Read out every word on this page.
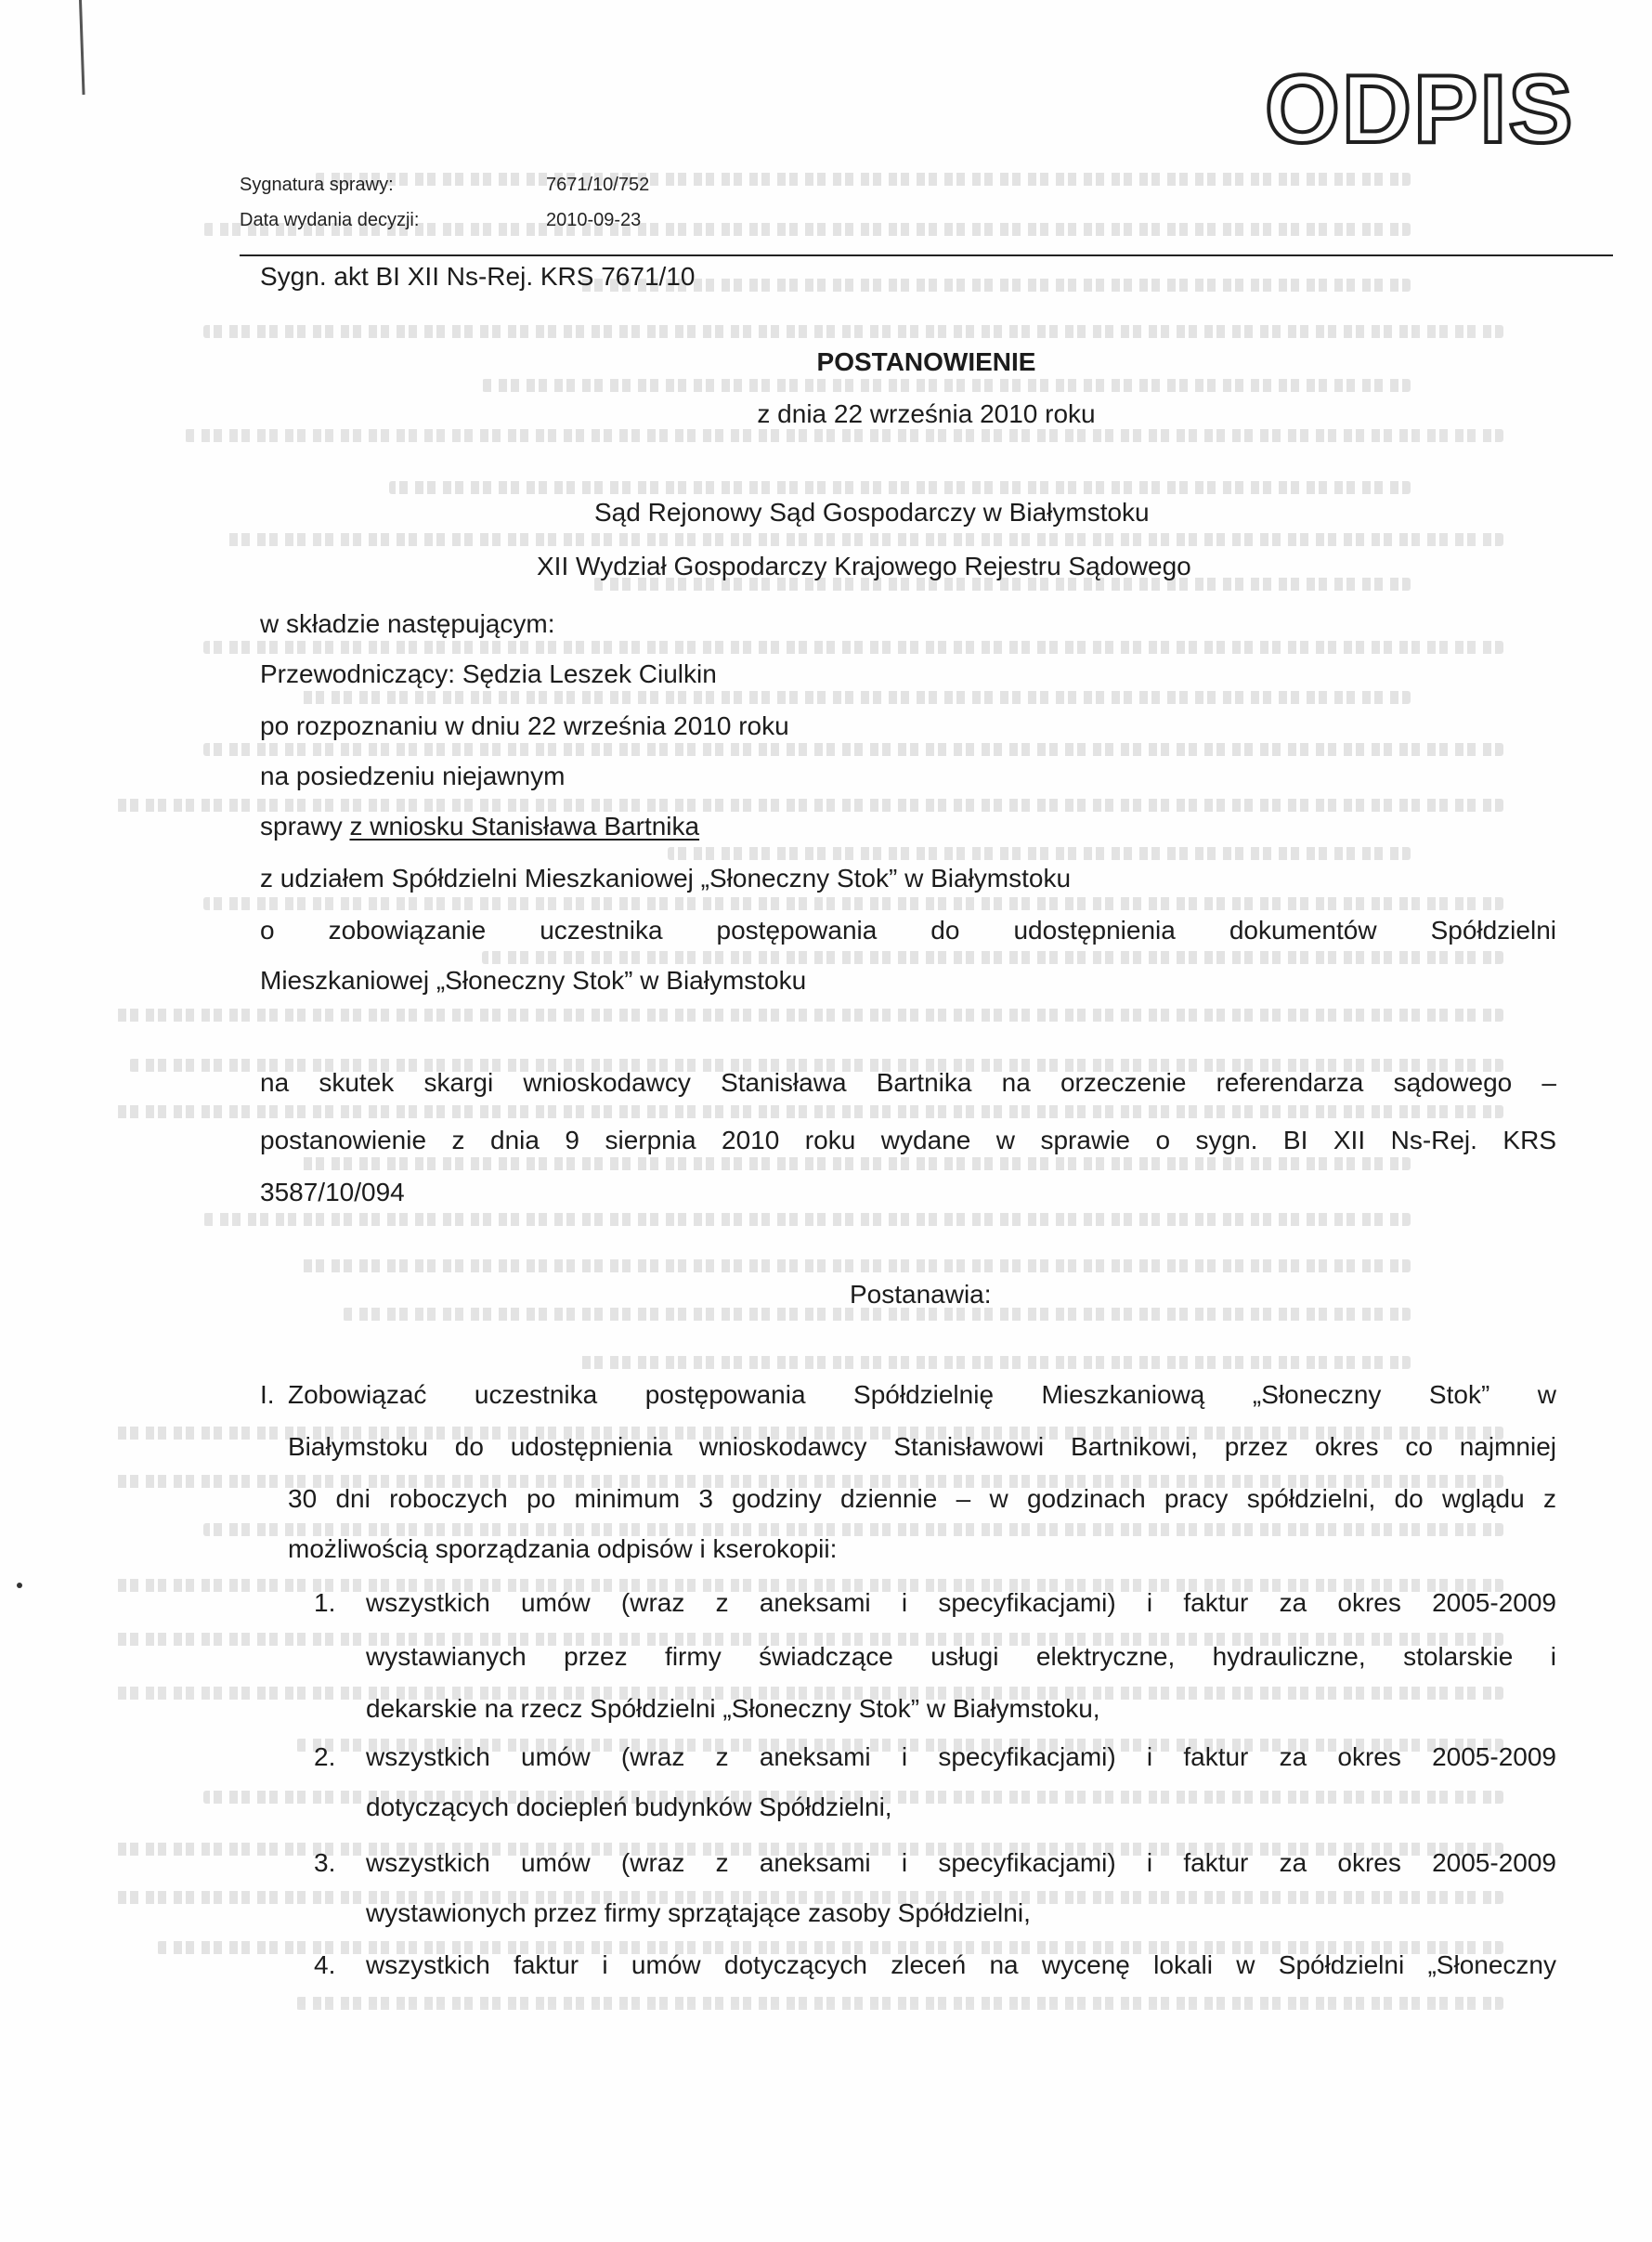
ODPIS
Sygnatura sprawy:	7671/10/752
Data wydania decyzji:	2010-09-23
Sygn. akt BI XII Ns-Rej. KRS 7671/10
POSTANOWIENIE
z dnia 22 września 2010 roku
Sąd Rejonowy Sąd Gospodarczy w Białymstoku
XII Wydział Gospodarczy Krajowego Rejestru Sądowego
w składzie następującym:
Przewodniczący: Sędzia Leszek Ciulkin
po rozpoznaniu w dniu 22 września 2010 roku
na posiedzeniu niejawnym
sprawy z wniosku Stanisława Bartnika
z udziałem Spółdzielni Mieszkaniowej „Słoneczny Stok” w Białymstoku
o zobowiązanie uczestnika postępowania do udostępnienia dokumentów Spółdzielni
Mieszkaniowej „Słoneczny Stok” w Białymstoku
na skutek skargi wnioskodawcy Stanisława Bartnika na orzeczenie referendarza sądowego –
postanowienie z dnia 9 sierpnia 2010 roku wydane w sprawie o sygn. BI XII Ns-Rej. KRS
3587/10/094
Postanawia:
I. Zobowiązać uczestnika postępowania Spółdzielnię Mieszkaniową „Słoneczny Stok” w
Białymstoku do udostępnienia wnioskodawcy Stanisławowi Bartnikowi, przez okres co najmniej
30 dni roboczych po minimum 3 godziny dziennie – w godzinach pracy spółdzielni, do wglądu z
możliwością sporządzania odpisów i kserokopii:
1. wszystkich umów (wraz z aneksami i specyfikacjami) i faktur za okres 2005-2009
wystawianych przez firmy świadczące usługi elektryczne, hydrauliczne, stolarskie i
dekarskie na rzecz Spółdzielni „Słoneczny Stok” w Białymstoku,
2. wszystkich umów (wraz z aneksami i specyfikacjami) i faktur za okres 2005-2009
dotyczących dociepleń budynków Spółdzielni,
3. wszystkich umów (wraz z aneksami i specyfikacjami) i faktur za okres 2005-2009
wystawionych przez firmy sprzątające zasoby Spółdzielni,
4. wszystkich faktur i umów dotyczących zleceń na wycenę lokali w Spółdzielni „Słoneczny
